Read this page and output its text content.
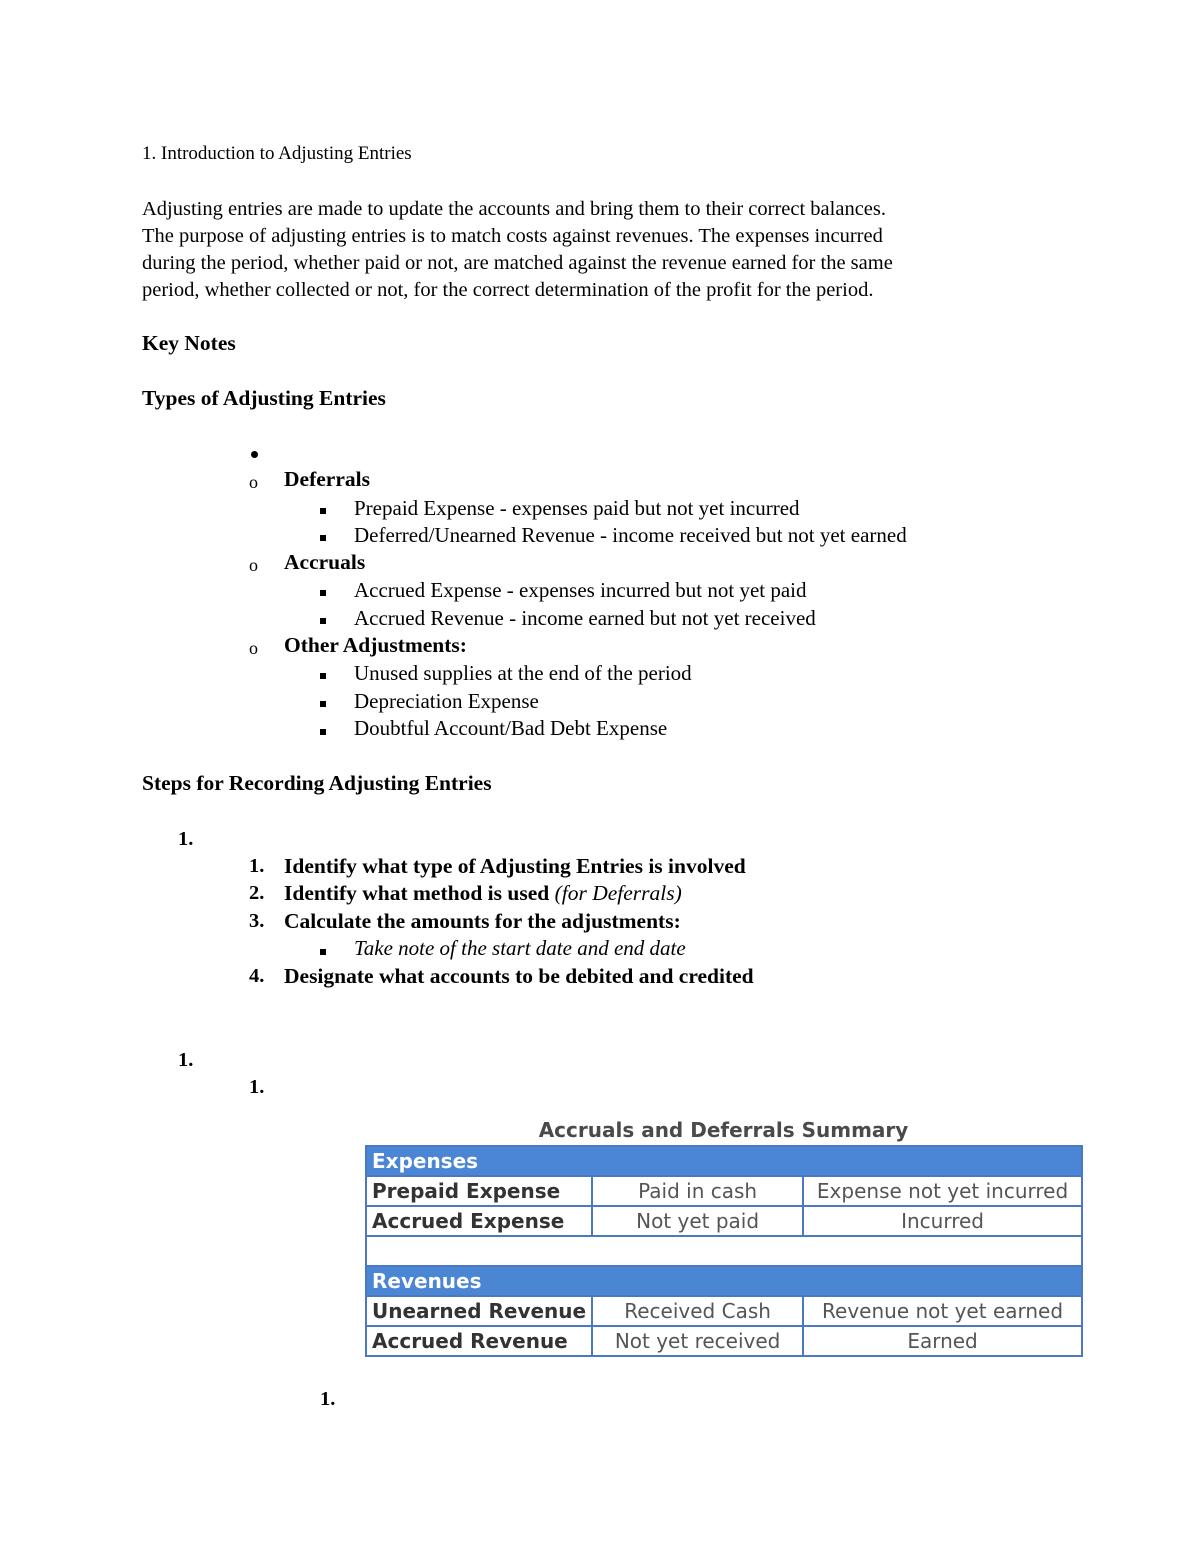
1. Introduction to Adjusting Entries
Adjusting entries are made to update the accounts and bring them to their correct balances.
The purpose of adjusting entries is to match costs against revenues. The expenses incurred
during the period, whether paid or not, are matched against the revenue earned for the same
period, whether collected or not, for the correct determination of the profit for the period.
Key Notes
Types of Adjusting Entries
o Deferrals
Prepaid Expense - expenses paid but not yet incurred
Deferred/Unearned Revenue - income received but not yet earned
o Accruals
Accrued Expense - expenses incurred but not yet paid
Accrued Revenue - income earned but not yet received
o Other Adjustments:
Unused supplies at the end of the period
Depreciation Expense
Doubtful Account/Bad Debt Expense
Steps for Recording Adjusting Entries
1.
1. Identify what type of Adjusting Entries is involved
2. Identify what method is used (for Deferrals)
3. Calculate the amounts for the adjustments:
Take note of the start date and end date
4. Designate what accounts to be debited and credited
1.
1.
1.
Accruals and Deferrals Summary
Expenses		
Prepaid Expense	Paid in cash	Expense not yet incurred
Accrued Expense	Not yet paid	Incurred

Revenues		
Unearned Revenue	Received Cash	Revenue not yet earned
Accrued Revenue	Not yet received	Earned
